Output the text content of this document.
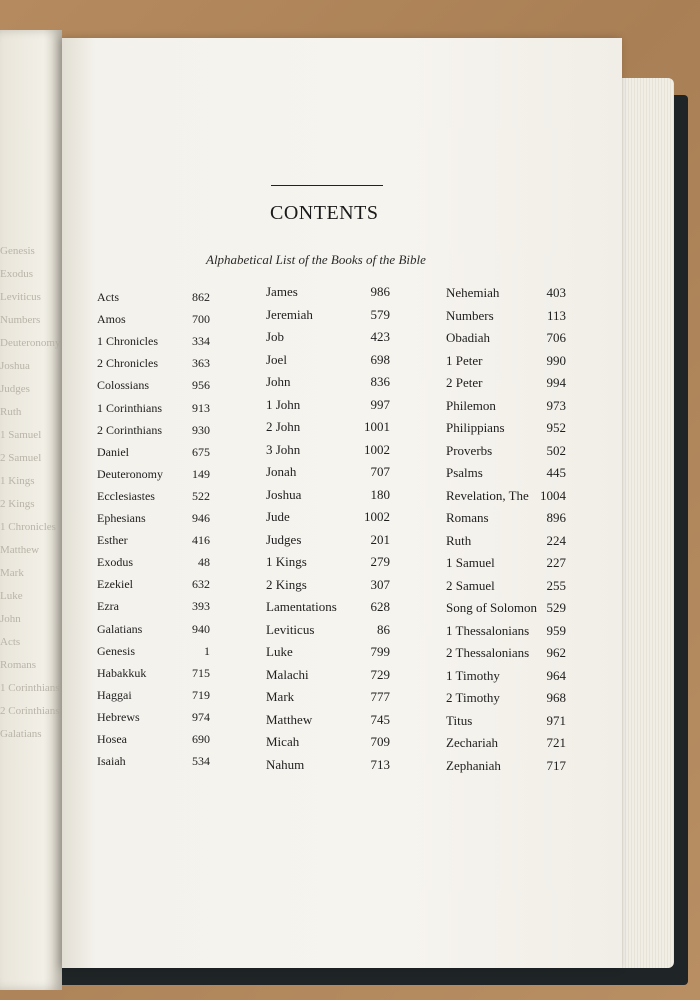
Genesis
Exodus
Leviticus
Numbers
Deuteronomy
Joshua
Judges
Ruth
1 Samuel
2 Samuel
1 Kings
2 Kings
1 Chronicles
Matthew
Mark
Luke
John
Acts
Romans
1 Corinthians
2 Corinthians
Galatians
CONTENTS
Alphabetical List of the Books of the Bible
Acts	862
Amos	700
1 Chronicles	334
2 Chronicles	363
Colossians	956
1 Corinthians	913
2 Corinthians	930
Daniel	675
Deuteronomy 149
Ecclesiastes	522
Ephesians	946
Esther	416
Exodus	48
Ezekiel	632
Ezra	393
Galatians	940
Genesis	1
Habakkuk	715
Haggai	719
Hebrews	974
Hosea	690
Isaiah	534
James	986
Jeremiah	579
Job	423
Joel	698
John	836
1 John	997
2 John	1001
3 John	1002
Jonah	707
Joshua	180
Jude	1002
Judges	201
1 Kings	279
2 Kings	307
Lamentations	628
Leviticus	86
Luke	799
Malachi	729
Mark	777
Matthew	745
Micah	709
Nahum	713
Nehemiah	403
Numbers	113
Obadiah	706
1 Peter	990
2 Peter	994
Philemon	973
Philippians	952
Proverbs	502
Psalms	445
Revelation, The 1004
Romans	896
Ruth	224
1 Samuel	227
2 Samuel	255
Song of Solomon 529
1 Thessalonians 959
2 Thessalonians 962
1 Timothy	964
2 Timothy	968
Titus	971
Zechariah	721
Zephaniah	717
